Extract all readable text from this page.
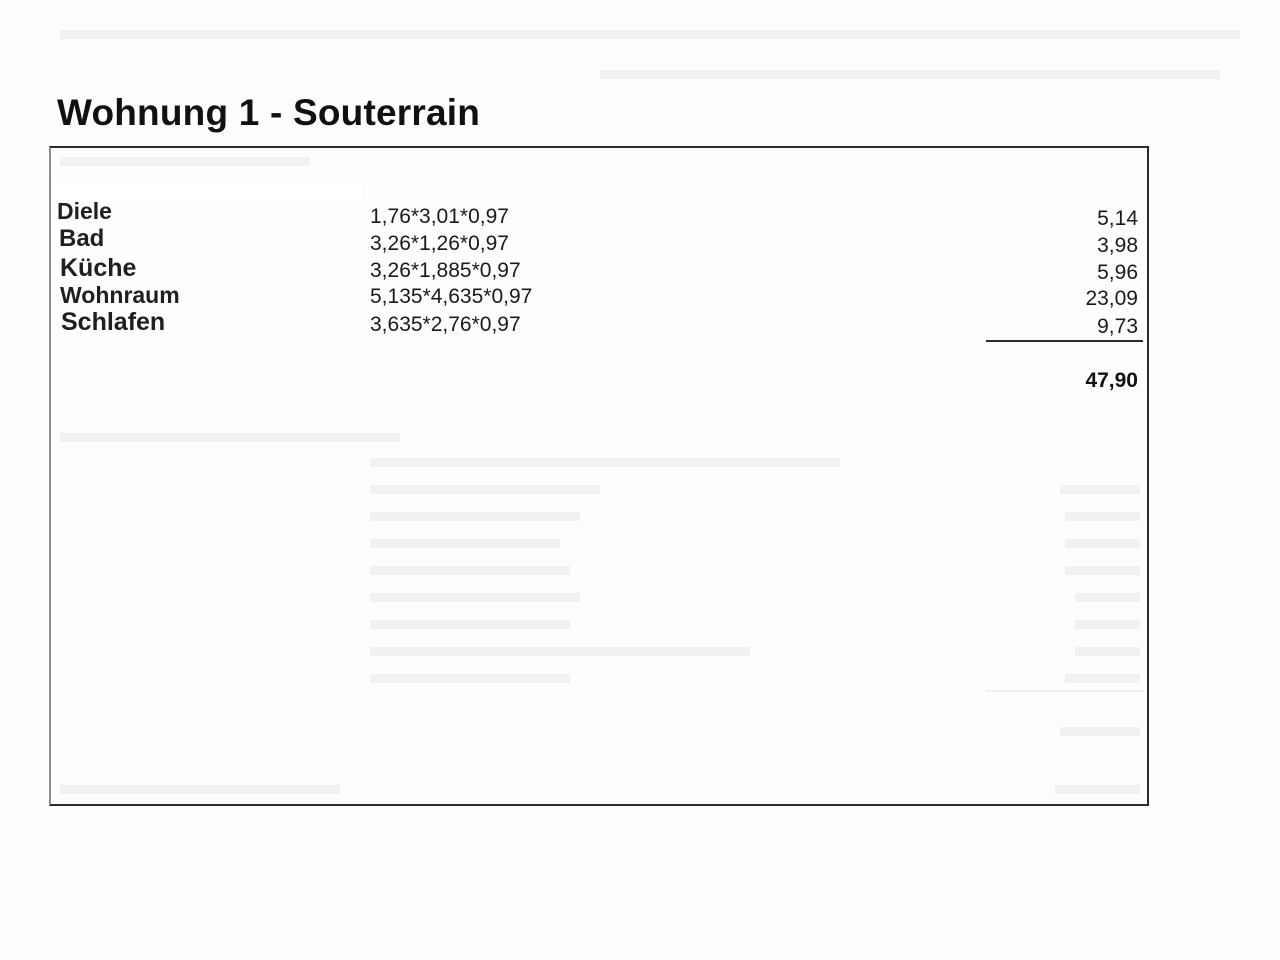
Wohnung 1 - Souterrain
Diele	1,76*3,01*0,97	5,14
Bad	3,26*1,26*0,97	3,98
Küche	3,26*1,885*0,97	5,96
Wohnraum	5,135*4,635*0,97	23,09
Schlafen	3,635*2,76*0,97	9,73
47,90
